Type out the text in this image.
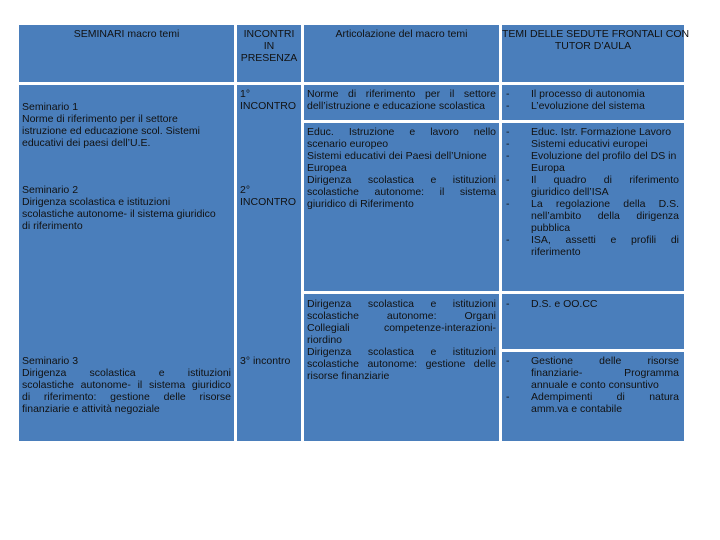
SEMINARI macro temi	INCONTRI
IN
PRESENZA
Articolazione del macro temi	TEMI DELLE SEDUTE FRONTALI CON
TUTOR D’AULA
Seminario 1
Norme di riferimento per il settore
istruzione ed educazione scol. Sistemi
educativi dei paesi dell’U.E.
Seminario 2
Dirigenza scolastica e istituzioni
scolastiche autonome- il sistema giuridico
di riferimento
Seminario 3
Dirigenza scolastica e istituzioni
scolastiche autonome- il sistema giuridico
di riferimento: gestione delle risorse
finanziarie e attività negoziale
1°
INCONTRO
2°
INCONTRO
3° incontro
Norme di riferimento per il settore
dell’istruzione e educazione scolastica
Educ. Istruzione e lavoro nello
scenario europeo
Sistemi educativi dei Paesi dell’Unione
Europea
Dirigenza scolastica e istituzioni
scolastiche autonome: il sistema
giuridico di Riferimento
Dirigenza scolastica e istituzioni
scolastiche autonome: Organi
Collegiali competenze-interazioni-
riordino
Dirigenza scolastica e istituzioni
scolastiche autonome: gestione delle
risorse finanziarie
-
-
-
-
-
-
-
-
-
-
-
Il processo di autonomia
L’evoluzione del sistema
Educ. Istr. Formazione Lavoro
Sistemi educativi europei
Evoluzione del profilo del DS in
Europa
Il quadro di riferimento
giuridico dell’ISA
La regolazione della D.S.
nell’ambito della dirigenza
pubblica
ISA, assetti e profili di
riferimento
D.S. e OO.CC
Gestione delle risorse
finanziarie- Programma
annuale e conto consuntivo
Adempimenti di natura
amm.va e contabile
